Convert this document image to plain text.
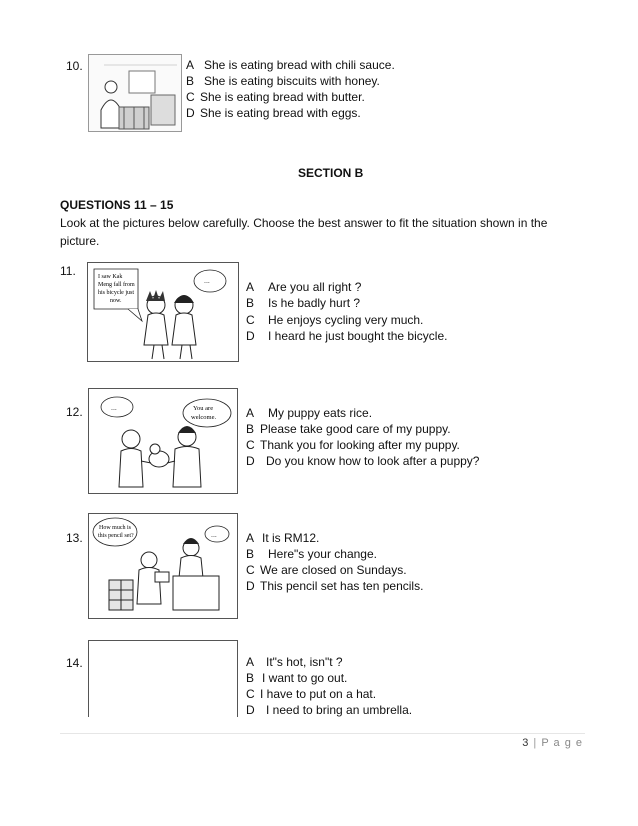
10.	A She is eating bread with chili sauce.
B She is eating biscuits with honey.
C She is eating bread with butter.
D She is eating bread with eggs.
SECTION B
QUESTIONS 11 – 15
Look at the pictures below carefully. Choose the best answer to fit the situation shown in the picture.
11.	I saw Kak
Meng fall from
his bicycle just
now.
...	A Are you all right ?
B Is he badly hurt ?
C He enjoys cycling very much.
D I heard he just bought the bicycle.
12.	...	You are
welcome. A My puppy eats rice.
B Please take good care of my puppy.
C Thank you for looking after my puppy.
D Do you know how to look after a puppy?
13.
How much is
this pencil set?	... A It is RM12.
B Here"s your change.
C We are closed on Sundays.
D This pencil set has ten pencils.
14.	A It"s hot, isn"t ?
B I want to go out.
C I have to put on a hat.
D I need to bring an umbrella.
3 | P a g e
